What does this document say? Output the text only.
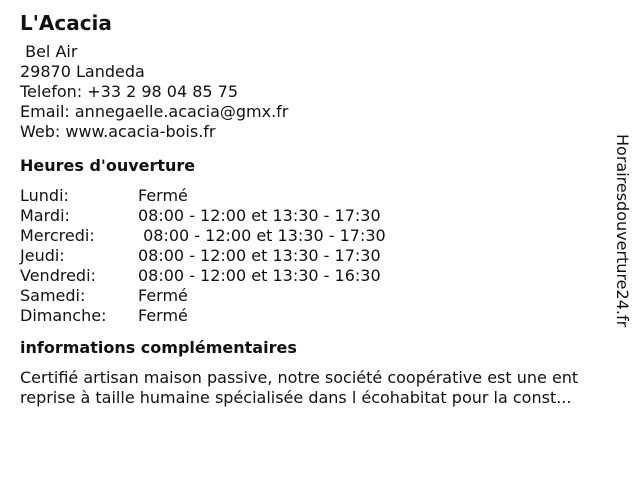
L'Acacia
Bel Air
29870 Landeda
Telefon: +33 2 98 04 85 75
Email: annegaelle.acacia@gmx.fr
Web: www.acacia-bois.fr
Heures d'ouverture
Lundi:	Fermé
Mardi:	08:00 - 12:00 et 13:30 - 17:30
Mercredi:	08:00 - 12:00 et 13:30 - 17:30
Jeudi:	08:00 - 12:00 et 13:30 - 17:30
Vendredi:	08:00 - 12:00 et 13:30 - 16:30
Samedi:	Fermé
Dimanche:	Fermé
informations complémentaires
Certifié artisan maison passive, notre société coopérative est une ent
reprise à taille humaine spécialisée dans l écohabitat pour la const...
Horairesdouverture24.fr
